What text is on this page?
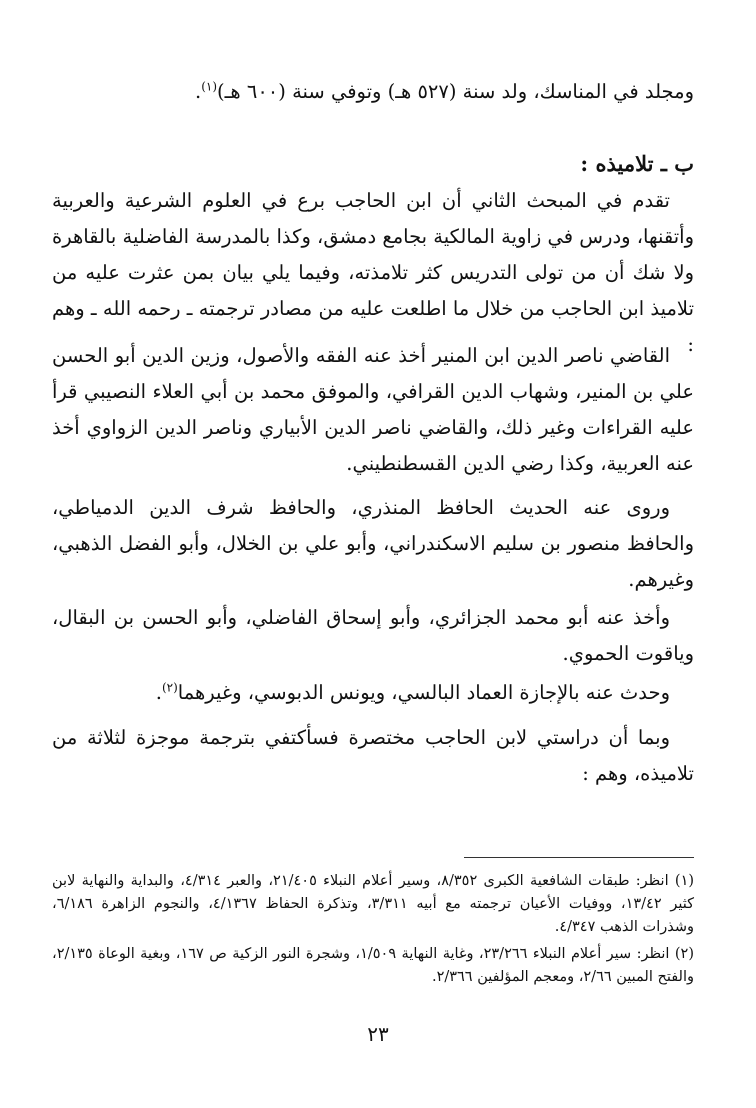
ومجلد في المناسك، ولد سنة (٥٢٧ هـ) وتوفي سنة (٦٠٠ هـ)$^{(١)}$.
ب ـ تلاميذه :
تقدم في المبحث الثاني أن ابن الحاجب برع في العلوم الشرعية والعربية وأتقنها، ودرس في زاوية المالكية بجامع دمشق، وكذا بالمدرسة الفاضلية بالقاهرة ولا شك أن من تولى التدريس كثر تلامذته، وفيما يلي بيان بمن عثرت عليه من تلاميذ ابن الحاجب من خلال ما اطلعت عليه من مصادر ترجمته ـ رحمه الله ـ وهم :
القاضي ناصر الدين ابن المنير أخذ عنه الفقه والأصول، وزين الدين أبو الحسن علي بن المنير، وشهاب الدين القرافي، والموفق محمد بن أبي العلاء النصيبي قرأ عليه القراءات وغير ذلك، والقاضي ناصر الدين الأبياري وناصر الدين الزواوي أخذ عنه العربية، وكذا رضي الدين القسطنطيني.
وروى عنه الحديث الحافظ المنذري، والحافظ شرف الدين الدمياطي، والحافظ منصور بن سليم الاسكندراني، وأبو علي بن الخلال، وأبو الفضل الذهبي، وغيرهم.
وأخذ عنه أبو محمد الجزائري، وأبو إسحاق الفاضلي، وأبو الحسن بن البقال، وياقوت الحموي.
وحدث عنه بالإجازة العماد البالسي، ويونس الدبوسي، وغيرهما$^{(٢)}$.
وبما أن دراستي لابن الحاجب مختصرة فسأكتفي بترجمة موجزة لثلاثة من تلاميذه، وهم :

(١) انظر: طبقات الشافعية الكبرى ٨/٣٥٢، وسير أعلام النبلاء ٢١/٤٠٥، والعبر ٤/٣١٤، والبداية والنهاية لابن كثير ١٣/٤٢، ووفيات الأعيان ترجمته مع أبيه ٣/٣١١، وتذكرة الحفاظ ٤/١٣٦٧، والنجوم الزاهرة ٦/١٨٦، وشذرات الذهب ٤/٣٤٧.

(٢) انظر: سير أعلام النبلاء ٢٣/٢٦٦، وغاية النهاية ١/٥٠٩، وشجرة النور الزكية ص ١٦٧، وبغية الوعاة ٢/١٣٥، والفتح المبين ٢/٦٦، ومعجم المؤلفين ٢/٣٦٦.

٢٣
